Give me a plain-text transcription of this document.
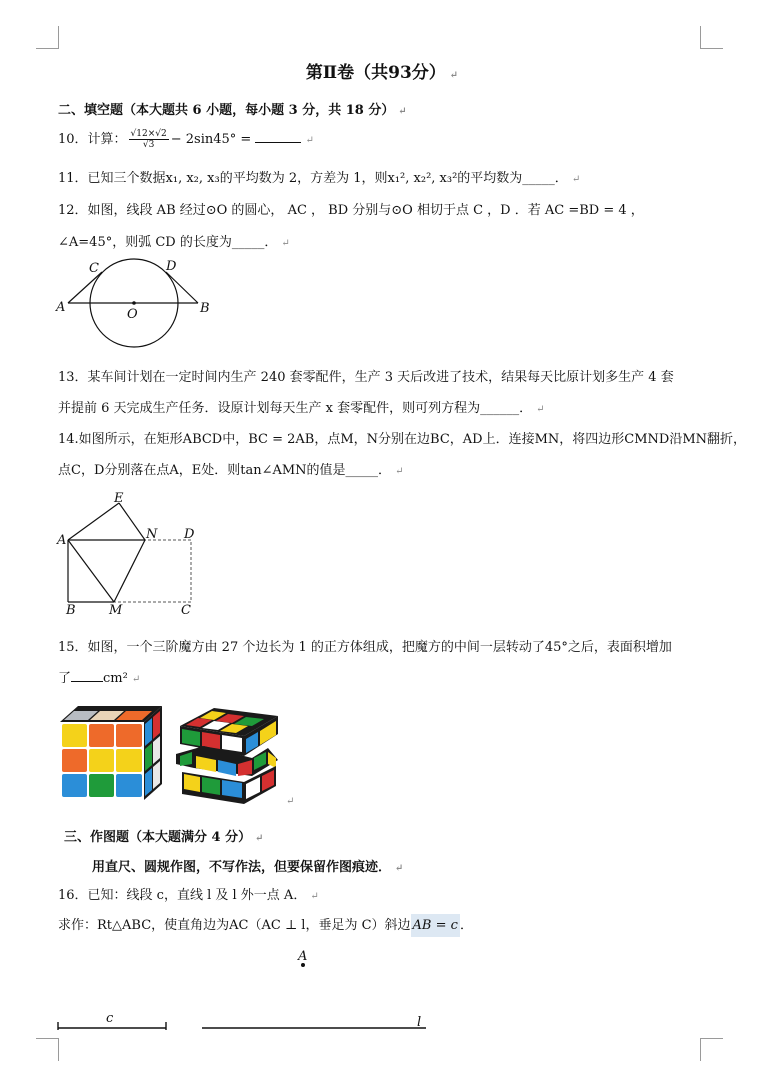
第Ⅱ卷（共93分） ↵
二、填空题（本大题共 6 小题，每小题 3 分，共 18 分） ↵
10．计算： $\frac{√12\times√2}{√3} - 2\sin 45^\circ$ =	↵
11．已知三个数据x₁, x₂, x₃的平均数为 2，方差为 1，则x₁², x₂², x₃²的平均数为_____． ↵
12．如图，线段 AB 经过⊙O 的圆心， AC ， BD 分别与⊙O 相切于点 C ，D ．若 AC =BD = 4 ，
∠A=45°，则弧 CD 的长度为_____． ↵
A	B
C	D
O
13．某车间计划在一定时间内生产 240 套零配件，生产 3 天后改进了技术，结果每天比原计划多生产 4 套
并提前 6 天完成生产任务．设原计划每天生产 x 套零配件，则可列方程为______． ↵
14.如图所示，在矩形ABCD中，BC = 2AB，点M，N分别在边BC，AD上．连接MN，将四边形CMND沿MN翻折，
点C，D分别落在点A，E处．则tan∠AMN的值是_____． ↵
A
E
N D
B	M	C
15．如图，一个三阶魔方由 27 个边长为 1 的正方体组成，把魔方的中间一层转动了45°之后，表面积增加
了 cm² ↵
↵
三、作图题（本大题满分 4 分） ↵
用直尺、圆规作图，不写作法，但要保留作图痕迹． ↵
16．已知：线段 c，直线 l 及 l 外一点 A． ↵
求作：Rt△ABC，使直角边为AC（AC ⊥ l，垂足为 C）斜边 AB = c ．
A
c	l
